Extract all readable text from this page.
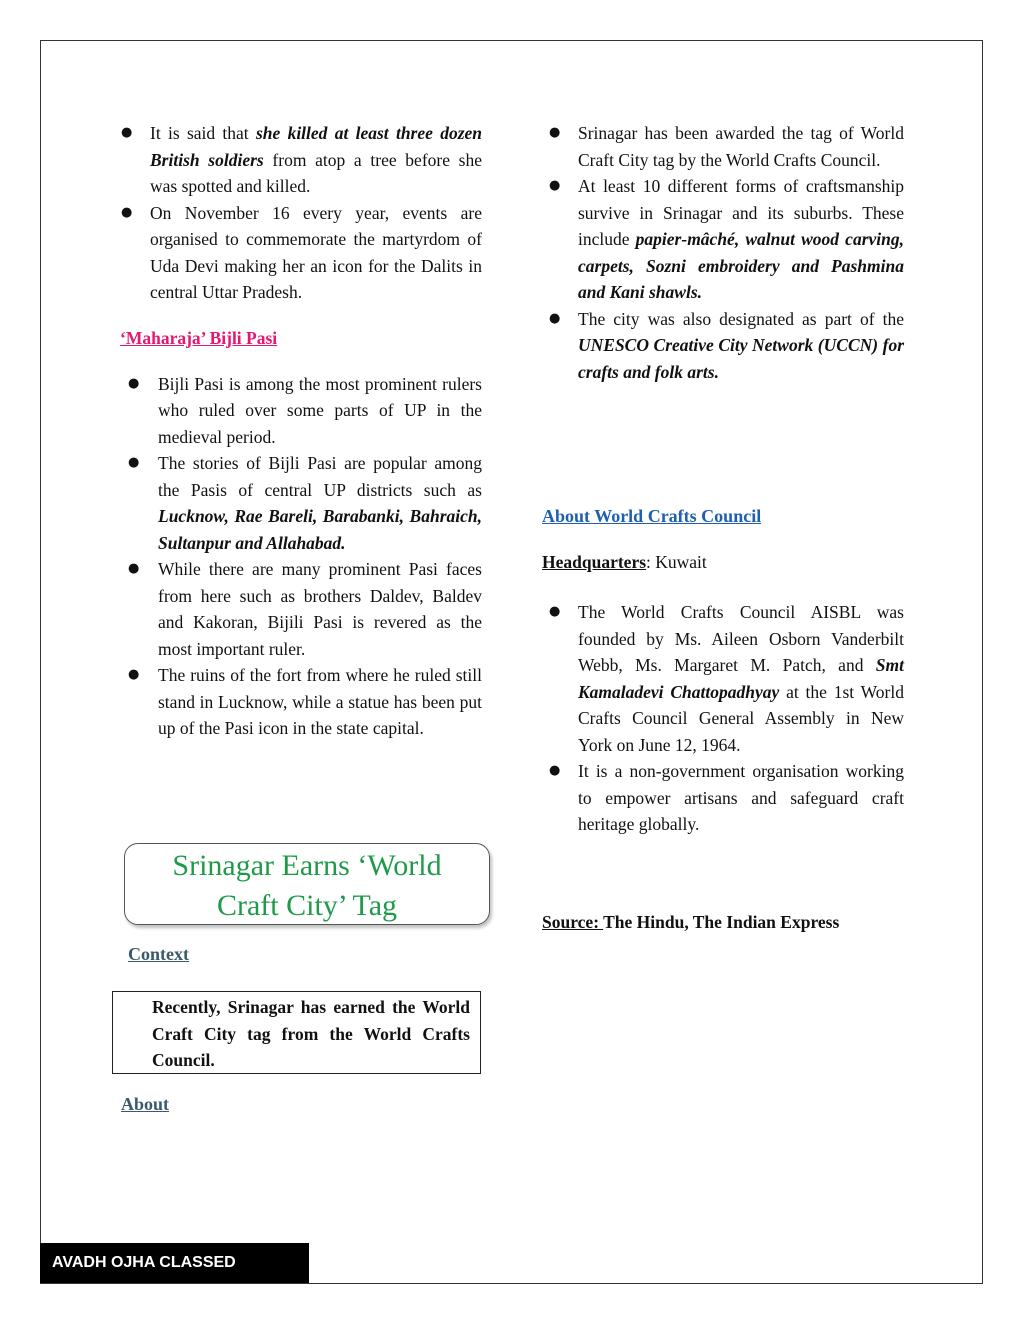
● It is said that she killed at least three dozen British soldiers from atop a tree before she was spotted and killed.
● On November 16 every year, events are organised to commemorate the martyrdom of Uda Devi making her an icon for the Dalits in central Uttar Pradesh.
‘Maharaja’ Bijli Pasi
● Bijli Pasi is among the most prominent rulers who ruled over some parts of UP in the medieval period.
● The stories of Bijli Pasi are popular among the Pasis of central UP districts such as Lucknow, Rae Bareli, Barabanki, Bahraich, Sultanpur and Allahabad.
● While there are many prominent Pasi faces from here such as brothers Daldev, Baldev and Kakoran, Bijili Pasi is revered as the most important ruler.
● The ruins of the fort from where he ruled still stand in Lucknow, while a statue has been put up of the Pasi icon in the state capital.
Srinagar Earns ‘World
Craft City’ Tag
Context
Recently, Srinagar has earned the World Craft City tag from the World Crafts Council.
About
● Srinagar has been awarded the tag of World Craft City tag by the World Crafts Council.
● At least 10 different forms of craftsmanship survive in Srinagar and its suburbs. These include papier-mâché, walnut wood carving, carpets, Sozni embroidery and Pashmina and Kani shawls.
● The city was also designated as part of the UNESCO Creative City Network (UCCN) for crafts and folk arts.
About World Crafts Council
Headquarters: Kuwait
● The World Crafts Council AISBL was founded by Ms. Aileen Osborn Vanderbilt Webb, Ms. Margaret M. Patch, and Smt Kamaladevi Chattopadhyay at the 1st World Crafts Council General Assembly in New York on June 12, 1964.
● It is a non-government organisation working to empower artisans and safeguard craft heritage globally.
Source: The Hindu, The Indian Express
AVADH OJHA CLASSED
